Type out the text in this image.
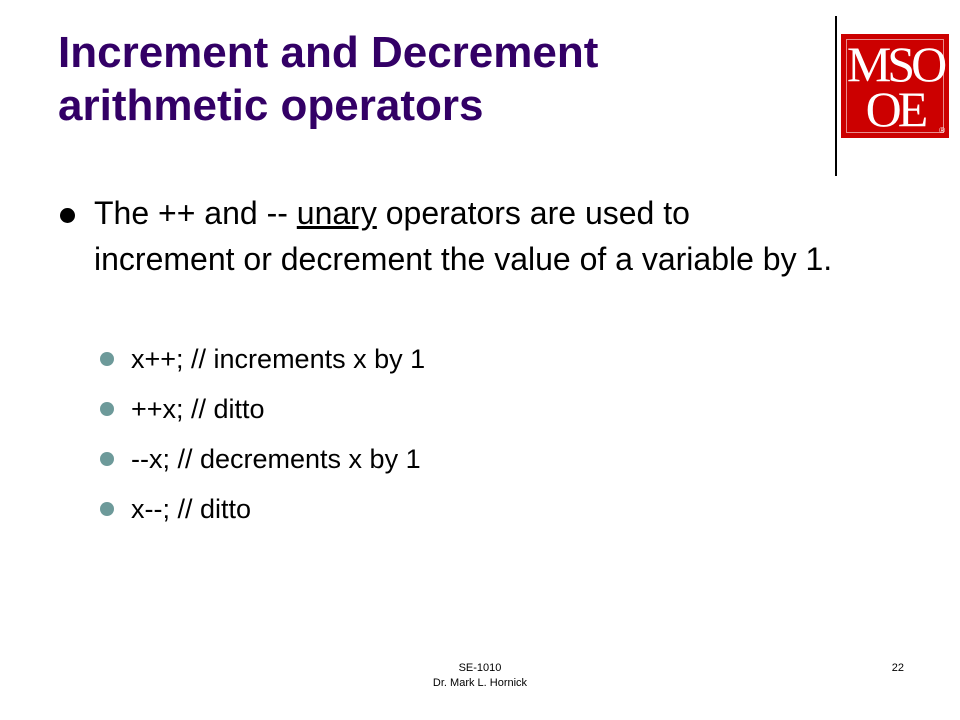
Increment and Decrement
arithmetic operators
MSO
OE	®
The ++ and -- unary operators are used to increment or decrement the value of a variable by 1.
x++; // increments x by 1
++x; // ditto
--x; // decrements x by 1
x--; // ditto
SE-1010
Dr. Mark L. Hornick
22
